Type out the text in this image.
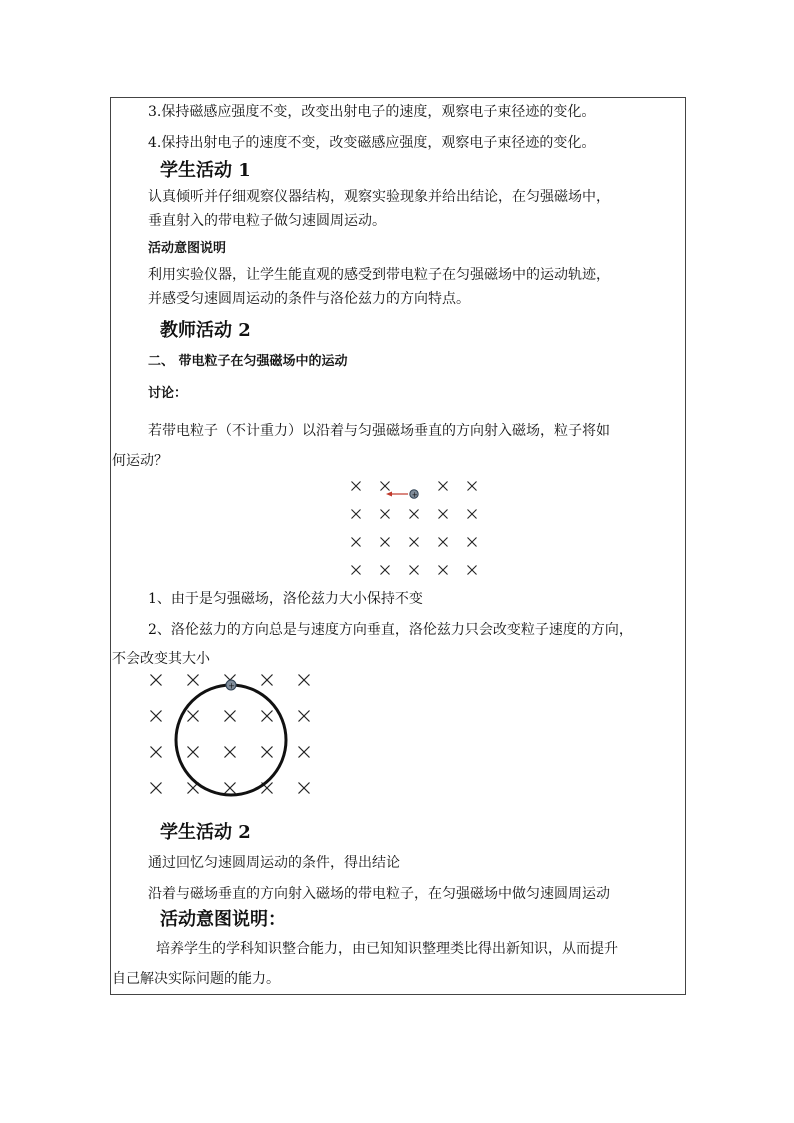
3.保持磁感应强度不变，改变出射电子的速度，观察电子束径迹的变化。
4.保持出射电子的速度不变，改变磁感应强度，观察电子束径迹的变化。
学生活动 1
认真倾听并仔细观察仪器结构，观察实验现象并给出结论，在匀强磁场中，
垂直射入的带电粒子做匀速圆周运动。
活动意图说明
利用实验仪器，让学生能直观的感受到带电粒子在匀强磁场中的运动轨迹，
并感受匀速圆周运动的条件与洛伦兹力的方向特点。
教师活动 2
二、 带电粒子在匀强磁场中的运动
讨论：
若带电粒子（不计重力）以沿着与匀强磁场垂直的方向射入磁场，粒子将如
何运动？
+
1、由于是匀强磁场，洛伦兹力大小保持不变
2、洛伦兹力的方向总是与速度方向垂直，洛伦兹力只会改变粒子速度的方向，
不会改变其大小
+
学生活动 2
通过回忆匀速圆周运动的条件，得出结论
沿着与磁场垂直的方向射入磁场的带电粒子，在匀强磁场中做匀速圆周运动
活动意图说明：
培养学生的学科知识整合能力，由已知知识整理类比得出新知识，从而提升
自己解决实际问题的能力。
